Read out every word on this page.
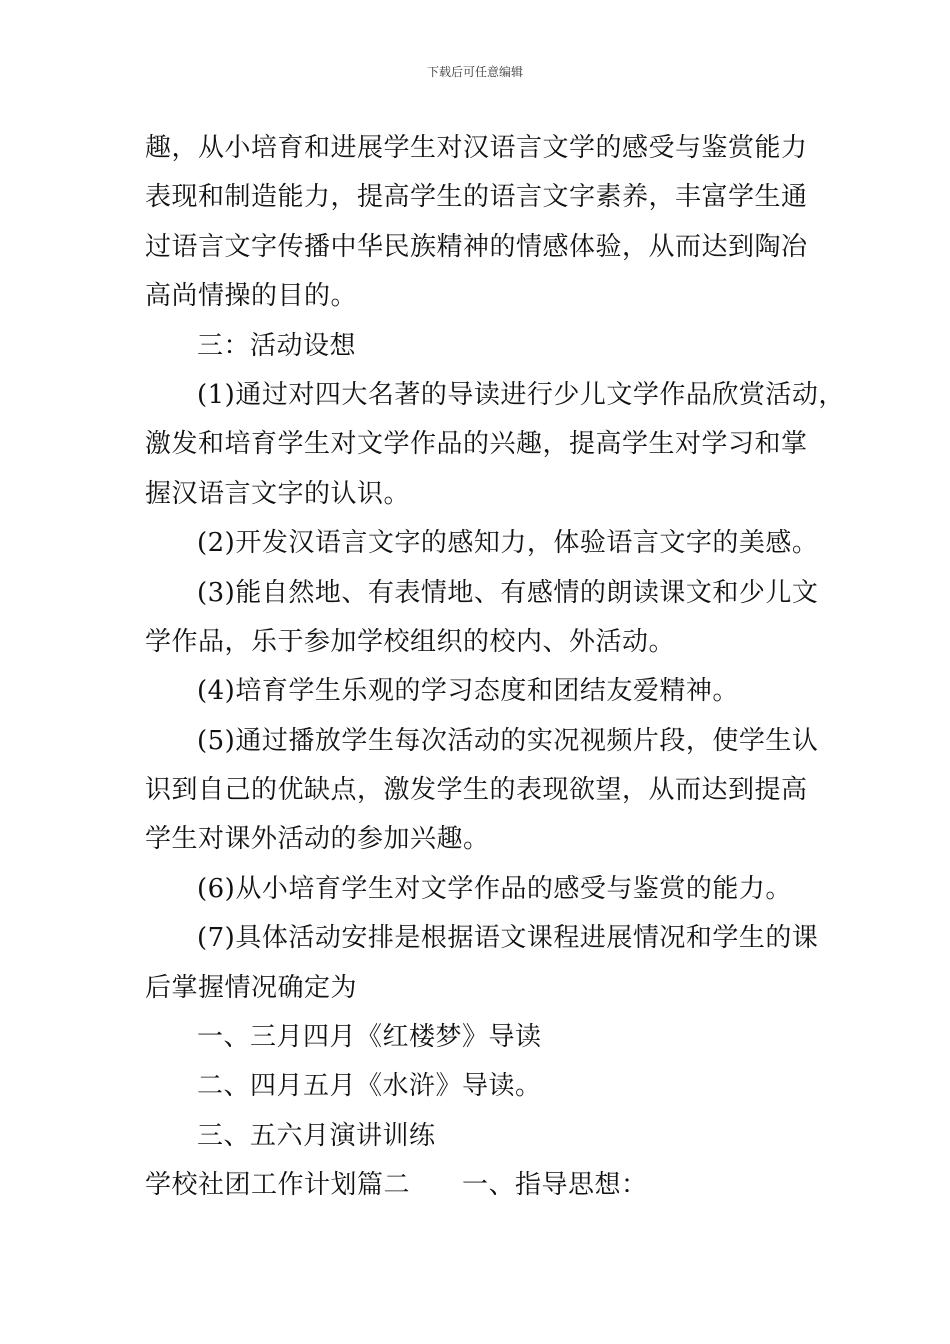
下载后可任意编辑
趣，从小培育和进展学生对汉语言文学的感受与鉴赏能力
表现和制造能力，提高学生的语言文字素养，丰富学生通
过语言文字传播中华民族精神的情感体验，从而达到陶冶
高尚情操的目的。
三：活动设想
(1)通过对四大名著的导读进行少儿文学作品欣赏活动，
激发和培育学生对文学作品的兴趣，提高学生对学习和掌
握汉语言文字的认识。
(2)开发汉语言文字的感知力，体验语言文字的美感。
(3)能自然地、有表情地、有感情的朗读课文和少儿文
学作品，乐于参加学校组织的校内、外活动。
(4)培育学生乐观的学习态度和团结友爱精神。
(5)通过播放学生每次活动的实况视频片段，使学生认
识到自己的优缺点，激发学生的表现欲望，从而达到提高
学生对课外活动的参加兴趣。
(6)从小培育学生对文学作品的感受与鉴赏的能力。
(7)具体活动安排是根据语文课程进展情况和学生的课
后掌握情况确定为
一、三月四月《红楼梦》导读
二、四月五月《水浒》导读。
三、五六月演讲训练
学校社团工作计划篇二 一、指导思想：
